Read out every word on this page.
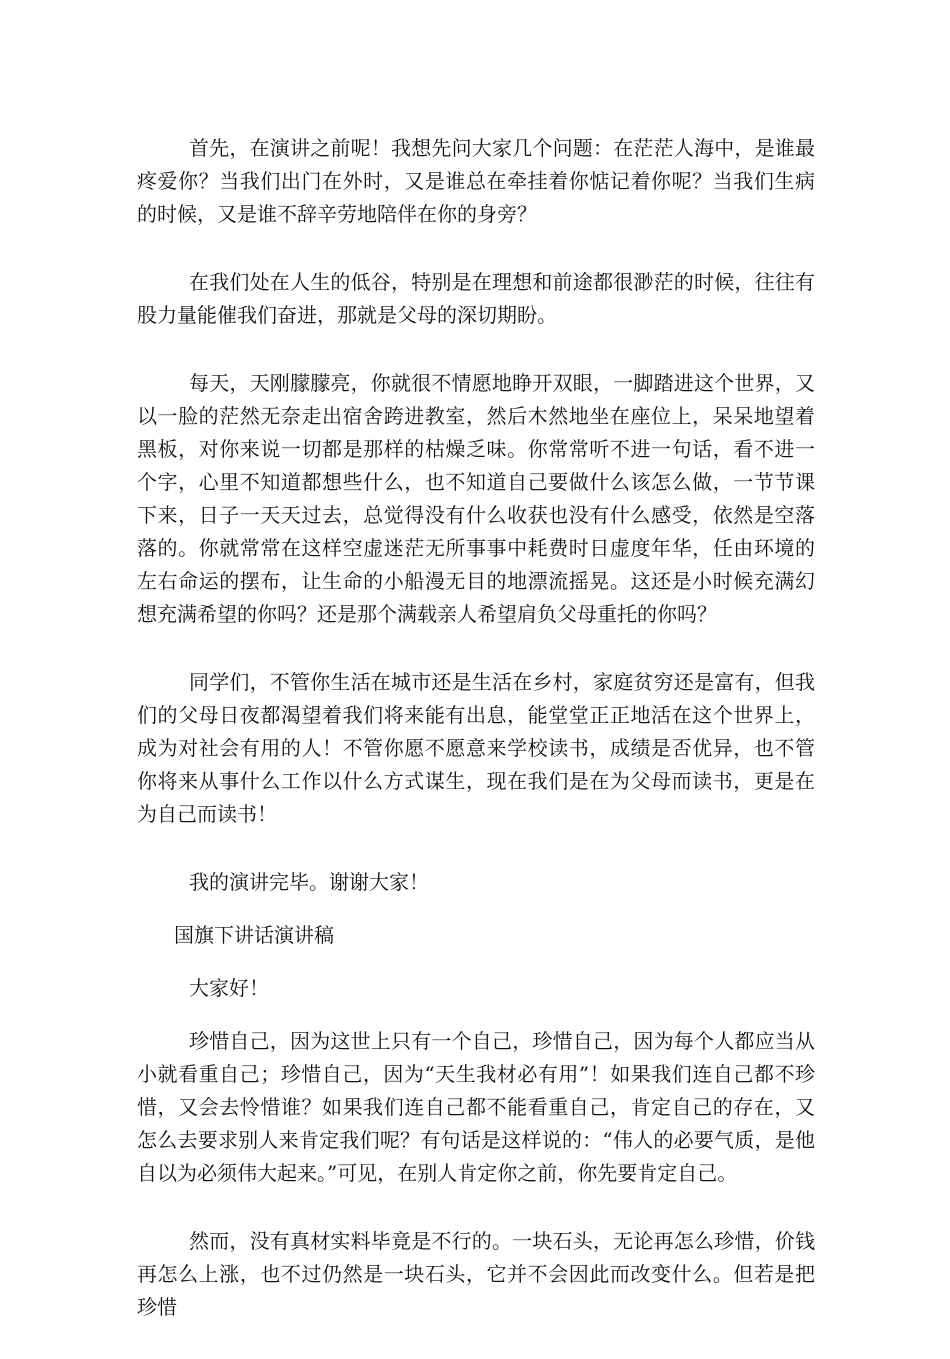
首先，在演讲之前呢！我想先问大家几个问题：在茫茫人海中，是谁最疼爱你？当我们出门在外时，又是谁总在牵挂着你惦记着你呢？当我们生病的时候，又是谁不辞辛劳地陪伴在你的身旁？

在我们处在人生的低谷，特别是在理想和前途都很渺茫的时候，往往有股力量能催我们奋进，那就是父母的深切期盼。

每天，天刚朦朦亮，你就很不情愿地睁开双眼，一脚踏进这个世界，又以一脸的茫然无奈走出宿舍跨进教室，然后木然地坐在座位上，呆呆地望着黑板，对你来说一切都是那样的枯燥乏味。你常常听不进一句话，看不进一个字，心里不知道都想些什么，也不知道自己要做什么该怎么做，一节节课下来，日子一天天过去，总觉得没有什么收获也没有什么感受，依然是空落落的。你就常常在这样空虚迷茫无所事事中耗费时日虚度年华，任由环境的左右命运的摆布，让生命的小船漫无目的地漂流摇晃。这还是小时候充满幻想充满希望的你吗？还是那个满载亲人希望肩负父母重托的你吗？

同学们，不管你生活在城市还是生活在乡村，家庭贫穷还是富有，但我们的父母日夜都渴望着我们将来能有出息，能堂堂正正地活在这个世界上，成为对社会有用的人！不管你愿不愿意来学校读书，成绩是否优异，也不管你将来从事什么工作以什么方式谋生，现在我们是在为父母而读书，更是在为自己而读书！

我的演讲完毕。谢谢大家！

国旗下讲话演讲稿

大家好！

珍惜自己，因为这世上只有一个自己，珍惜自己，因为每个人都应当从小就看重自己；珍惜自己，因为“天生我材必有用”！如果我们连自己都不珍惜，又会去怜惜谁？如果我们连自己都不能看重自己，肯定自己的存在，又怎么去要求别人来肯定我们呢？有句话是这样说的：“伟人的必要气质，是他自以为必须伟大起来。”可见，在别人肯定你之前，你先要肯定自己。

然而，没有真材实料毕竟是不行的。一块石头，无论再怎么珍惜，价钱再怎么上涨，也不过仍然是一块石头，它并不会因此而改变什么。但若是把珍惜
